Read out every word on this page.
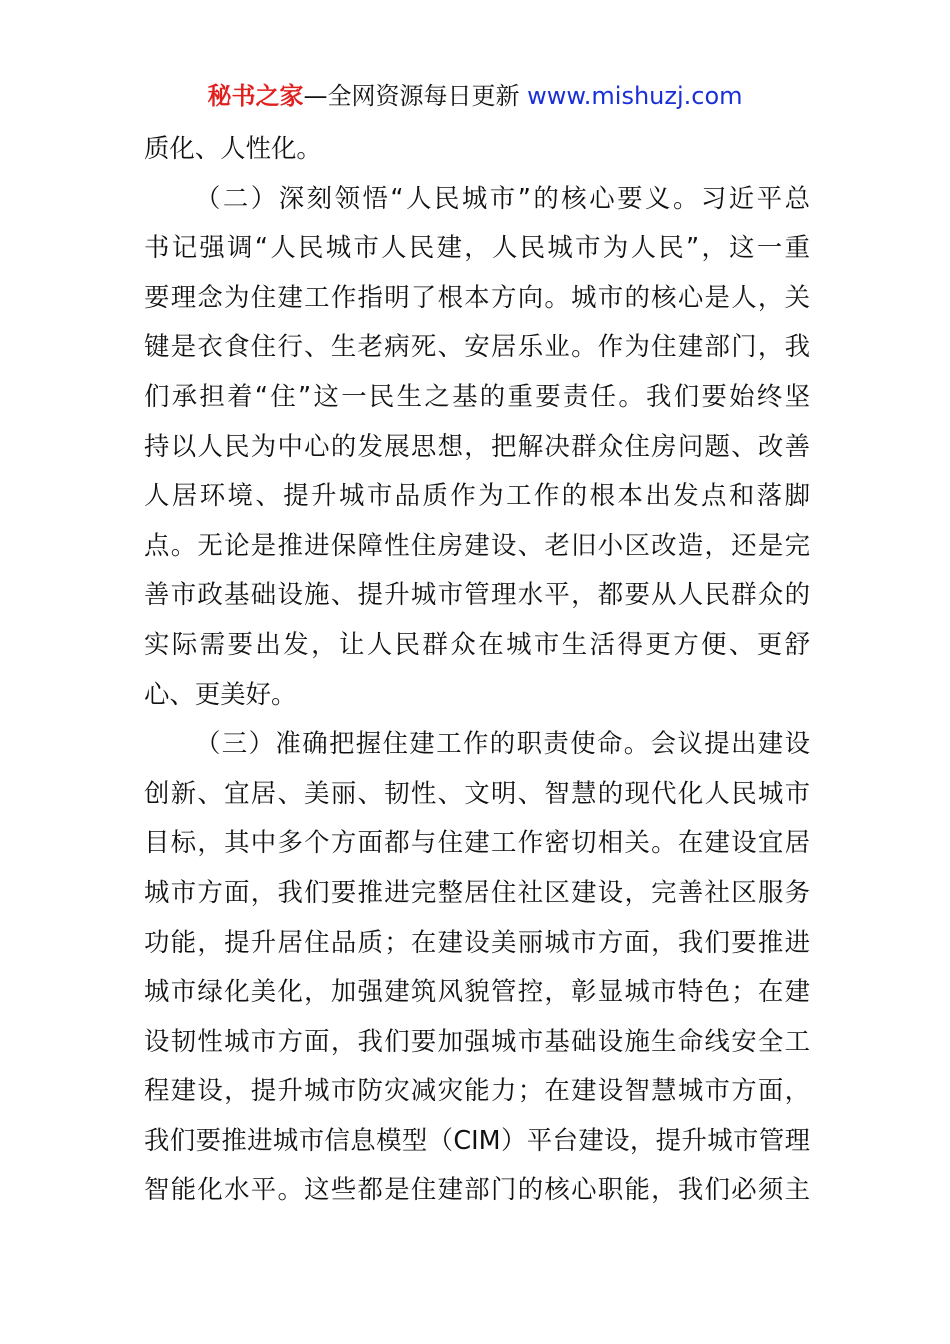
秘书之家—全网资源每日更新 www.mishuzj.com
质化、人性化。
（二）深刻领悟“人民城市”的核心要义。习近平总
书记强调“人民城市人民建，人民城市为人民”，这一重
要理念为住建工作指明了根本方向。城市的核心是人，关
键是衣食住行、生老病死、安居乐业。作为住建部门，我
们承担着“住”这一民生之基的重要责任。我们要始终坚
持以人民为中心的发展思想，把解决群众住房问题、改善
人居环境、提升城市品质作为工作的根本出发点和落脚
点。无论是推进保障性住房建设、老旧小区改造，还是完
善市政基础设施、提升城市管理水平，都要从人民群众的
实际需要出发，让人民群众在城市生活得更方便、更舒
心、更美好。
（三）准确把握住建工作的职责使命。会议提出建设
创新、宜居、美丽、韧性、文明、智慧的现代化人民城市
目标，其中多个方面都与住建工作密切相关。在建设宜居
城市方面，我们要推进完整居住社区建设，完善社区服务
功能，提升居住品质；在建设美丽城市方面，我们要推进
城市绿化美化，加强建筑风貌管控，彰显城市特色；在建
设韧性城市方面，我们要加强城市基础设施生命线安全工
程建设，提升城市防灾减灾能力；在建设智慧城市方面，
我们要推进城市信息模型（CIM）平台建设，提升城市管理
智能化水平。这些都是住建部门的核心职能，我们必须主
